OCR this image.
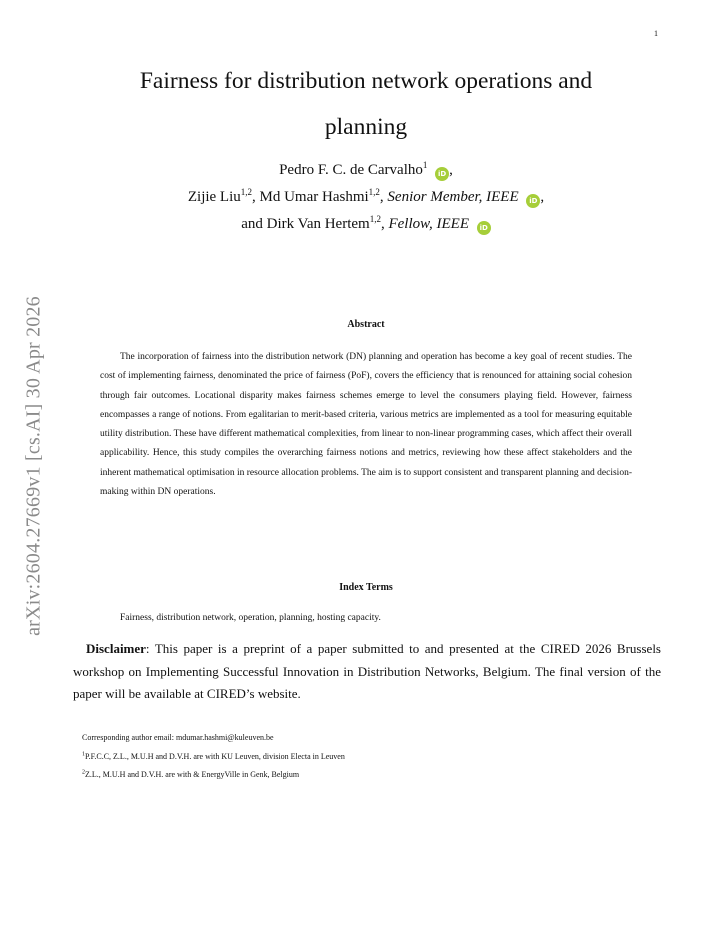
1
arXiv:2604.27669v1 [cs.AI] 30 Apr 2026
Fairness for distribution network operations and planning
Pedro F. C. de Carvalho$^1$ iD ,
Zijie Liu$^{1,2}$, Md Umar Hashmi$^{1,2}$, Senior Member, IEEE iD ,
and Dirk Van Hertem$^{1,2}$, Fellow, IEEE iD
Abstract

The incorporation of fairness into the distribution network (DN) planning and operation has become a key goal of recent studies. The cost of implementing fairness, denominated the price of fairness (PoF), covers the efficiency that is renounced for attaining social cohesion through fair outcomes. Locational disparity makes fairness schemes emerge to level the consumers playing field. However, fairness encompasses a range of notions. From egalitarian to merit-based criteria, various metrics are implemented as a tool for measuring equitable utility distribution. These have different mathematical complexities, from linear to non-linear programming cases, which affect their overall applicability. Hence, this study compiles the overarching fairness notions and metrics, reviewing how these affect stakeholders and the inherent mathematical optimisation in resource allocation problems. The aim is to support consistent and transparent planning and decision-making within DN operations.

Index Terms

Fairness, distribution network, operation, planning, hosting capacity.

Disclaimer: This paper is a preprint of a paper submitted to and presented at the CIRED 2026 Brussels workshop on Implementing Successful Innovation in Distribution Networks, Belgium. The final version of the paper will be available at CIRED’s website.

Corresponding author email: mdumar.hashmi@kuleuven.be
$^1$P.F.C.C, Z.L., M.U.H and D.V.H. are with KU Leuven, division Electa in Leuven
$^2$Z.L., M.U.H and D.V.H. are with & EnergyVille in Genk, Belgium
